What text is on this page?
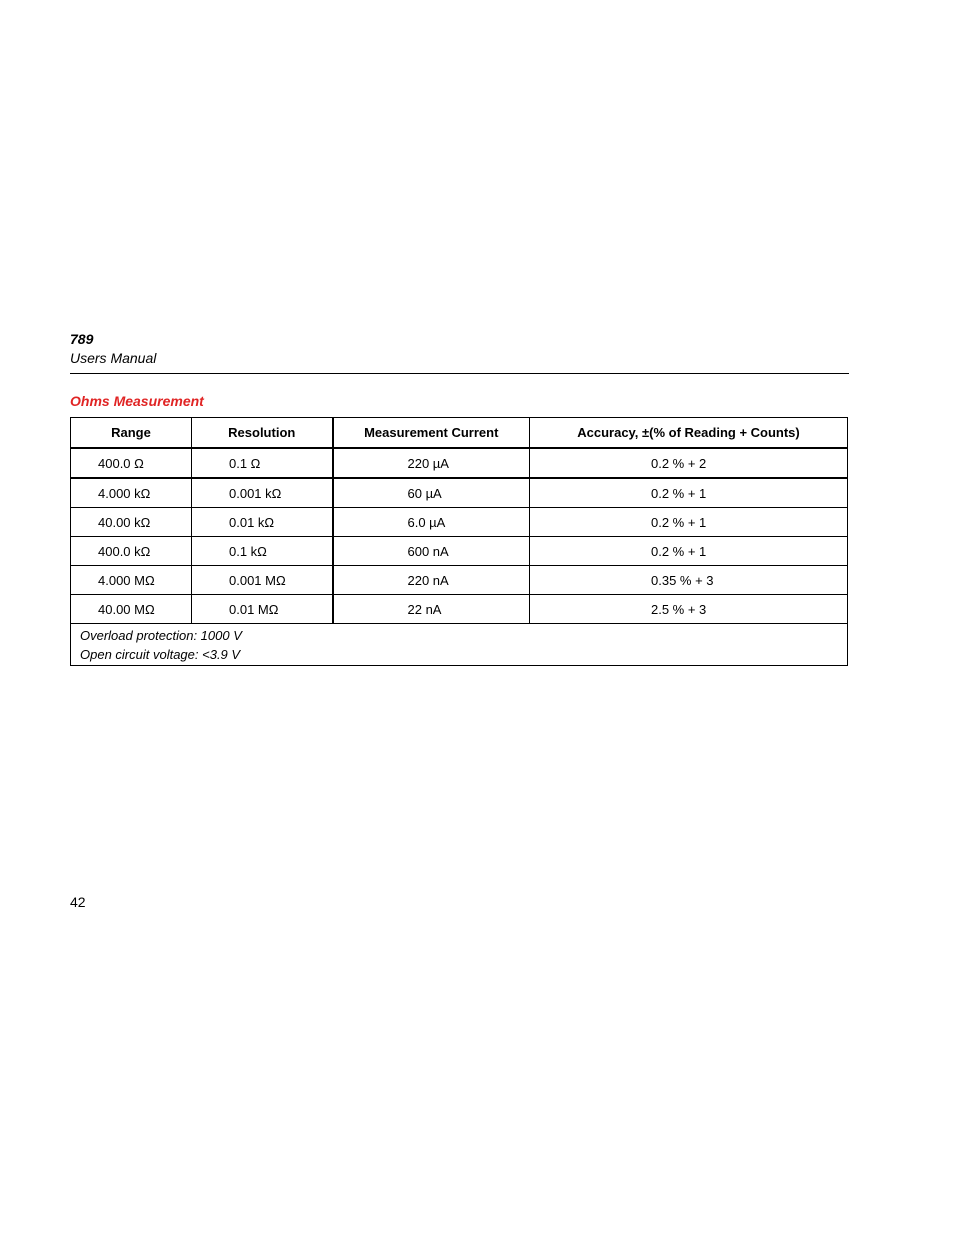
789
Users Manual
Ohms Measurement
Range	Resolution	Measurement Current	Accuracy, ±(% of Reading + Counts)
400.0 Ω	0.1 Ω	220 µA	0.2 % + 2
4.000 kΩ	0.001 kΩ	60 µA	0.2 % + 1
40.00 kΩ	0.01 kΩ	6.0 µA	0.2 % + 1
400.0 kΩ	0.1 kΩ	600 nA	0.2 % + 1
4.000 MΩ	0.001 MΩ	220 nA	0.35 % + 3
40.00 MΩ	0.01 MΩ	22 nA	2.5 % + 3

Overload protection: 1000 V
Open circuit voltage: <3.9 V			
42
